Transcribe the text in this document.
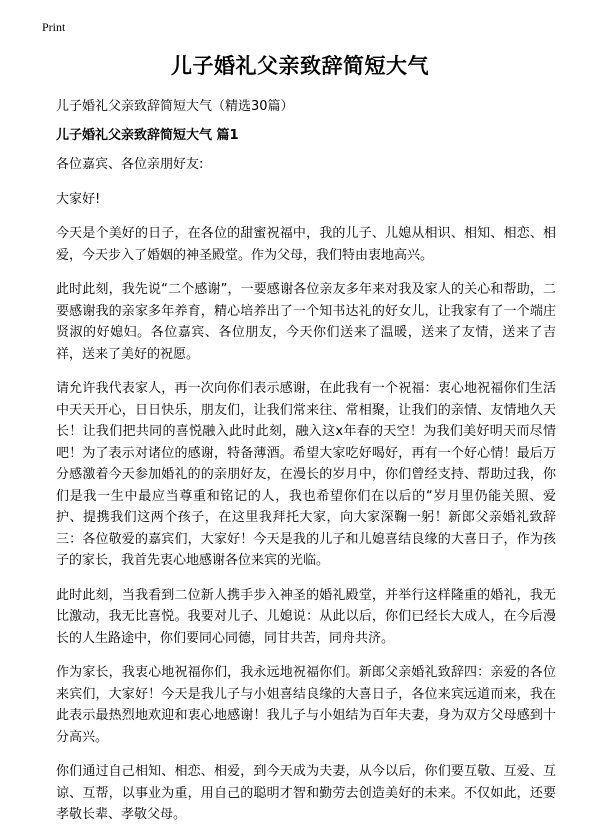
Print
儿子婚礼父亲致辞简短大气
儿子婚礼父亲致辞简短大气（精选30篇）
儿子婚礼父亲致辞简短大气 篇1

各位嘉宾、各位亲朋好友:

大家好!

今天是个美好的日子，在各位的甜蜜祝福中，我的儿子、儿媳从相识、相知、相恋、相爱，今天步入了婚姻的神圣殿堂。作为父母，我们特由衷地高兴。

此时此刻，我先说“二个感谢”，一要感谢各位亲友多年来对我及家人的关心和帮助，二要感谢我的亲家多年养育，精心培养出了一个知书达礼的好女儿，让我家有了一个端庄贤淑的好媳妇。各位嘉宾、各位朋友，今天你们送来了温暖，送来了友情，送来了吉祥，送来了美好的祝愿。

请允许我代表家人，再一次向你们表示感谢，在此我有一个祝福：衷心地祝福你们生活中天天开心，日日快乐，朋友们，让我们常来往、常相聚，让我们的亲情、友情地久天长！让我们把共同的喜悦融入此时此刻，融入这x年春的天空！为我们美好明天而尽情吧！为了表示对诸位的感谢，特备薄酒。希望大家吃好喝好，再有一个好心情！最后万分感激着今天参加婚礼的的亲朋好友，在漫长的岁月中，你们曾经支持、帮助过我，你们是我一生中最应当尊重和铭记的人，我也希望你们在以后的“岁月里仍能关照、爱护、提携我们这两个孩子，在这里我拜托大家，向大家深鞠一躬！新郎父亲婚礼致辞三：各位敬爱的嘉宾们，大家好！今天是我的儿子和儿媳喜结良缘的大喜日子，作为孩子的家长，我首先衷心地感谢各位来宾的光临。

此时此刻，当我看到二位新人携手步入神圣的婚礼殿堂，并举行这样隆重的婚礼，我无比激动，我无比喜悦。我要对儿子、儿媳说：从此以后，你们已经长大成人，在今后漫长的人生路途中，你们要同心同德，同甘共苦，同舟共济。

作为家长，我衷心地祝福你们，我永远地祝福你们。新郎父亲婚礼致辞四：亲爱的各位来宾们，大家好！今天是我儿子与小姐喜结良缘的大喜日子，各位来宾远道而来，我在此表示最热烈地欢迎和衷心地感谢！我儿子与小姐结为百年夫妻，身为双方父母感到十分高兴。

你们通过自己相知、相恋、相爱，到今天成为夫妻，从今以后，你们要互敬、互爱、互谅、互帮，以事业为重，用自己的聪明才智和勤劳去创造美好的未来。不仅如此，还要孝敬长辈、孝敬父母。
